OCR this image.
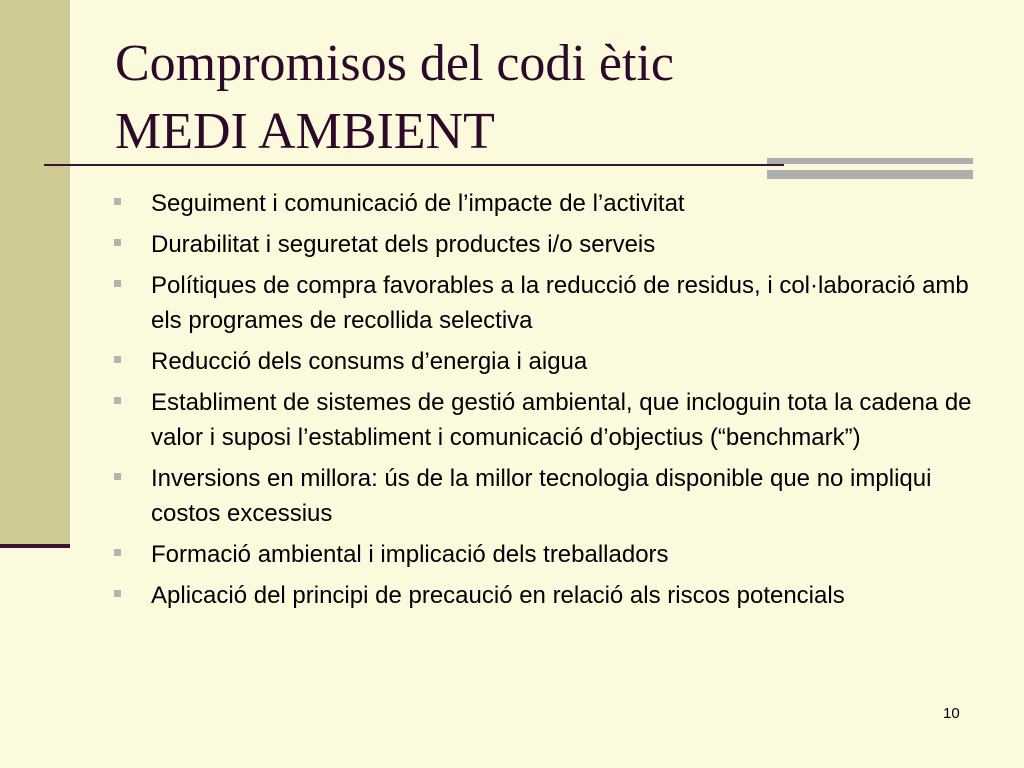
Compromisos del codi ètic
MEDI AMBIENT
Seguiment i comunicació de l’impacte de l’activitat
Durabilitat i seguretat dels productes i/o serveis
Polítiques de compra favorables a la reducció de residus, i col·laboració amb els programes de recollida selectiva
Reducció dels consums d’energia i aigua
Establiment de sistemes de gestió ambiental, que incloguin tota la cadena de valor i suposi l’establiment i comunicació d’objectius (“benchmark”)
Inversions en millora: ús de la millor tecnologia disponible que no impliqui costos excessius
Formació ambiental i implicació dels treballadors
Aplicació del principi de precaució en relació als riscos potencials
10
